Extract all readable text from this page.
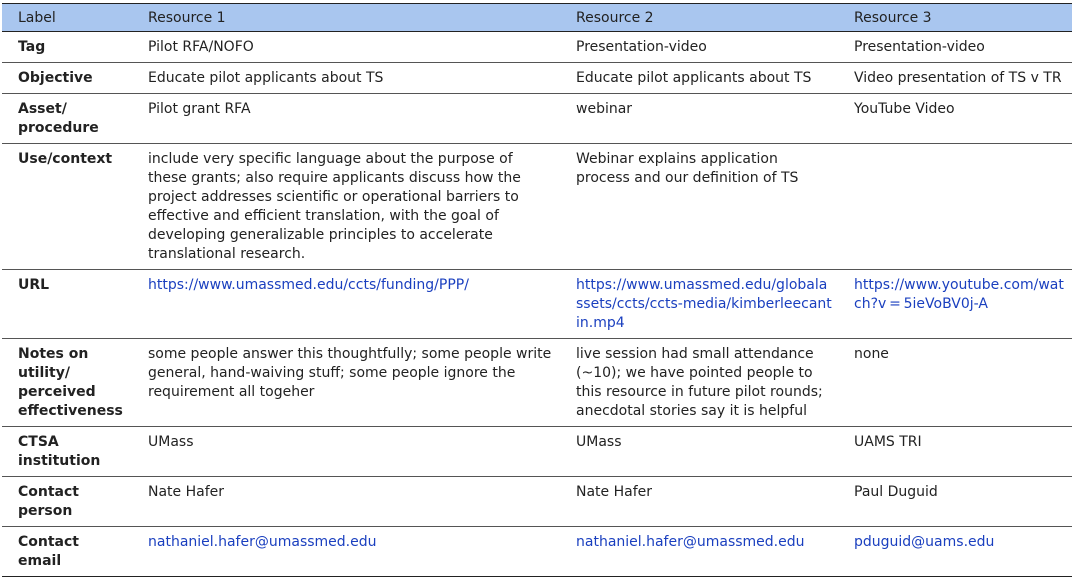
Label	Resource 1	Resource 2	Resource 3
Tag	Pilot RFA/NOFO	Presentation-video	Presentation-video
Objective	Educate pilot applicants about TS	Educate pilot applicants about TS	Video presentation of TS v TR
Asset/ procedure	Pilot grant RFA	webinar	YouTube Video
Use/context	include very specific language about the purpose of these grants; also require applicants discuss how the project addresses scientific or operational barriers to effective and efficient translation, with the goal of developing generalizable principles to accelerate translational research.	Webinar explains application process and our definition of TS	
URL	https://www.umassmed.edu/ccts/funding/PPP/	https://www.umassmed.edu/globalassets/ccts/ccts-media/kimberleecantin.mp4	https://www.youtube.com/watch?v = 5ieVoBV0j-A
Notes on utility/ perceived effectiveness	some people answer this thoughtfully; some people write general, hand-waiving stuff; some people ignore the requirement all togeher	live session had small attendance (~10); we have pointed people to this resource in future pilot rounds; anecdotal stories say it is helpful	none
CTSA institution	UMass	UMass	UAMS TRI
Contact person	Nate Hafer	Nate Hafer	Paul Duguid
Contact email	nathaniel.hafer@umassmed.edu	nathaniel.hafer@umassmed.edu	pduguid@uams.edu
